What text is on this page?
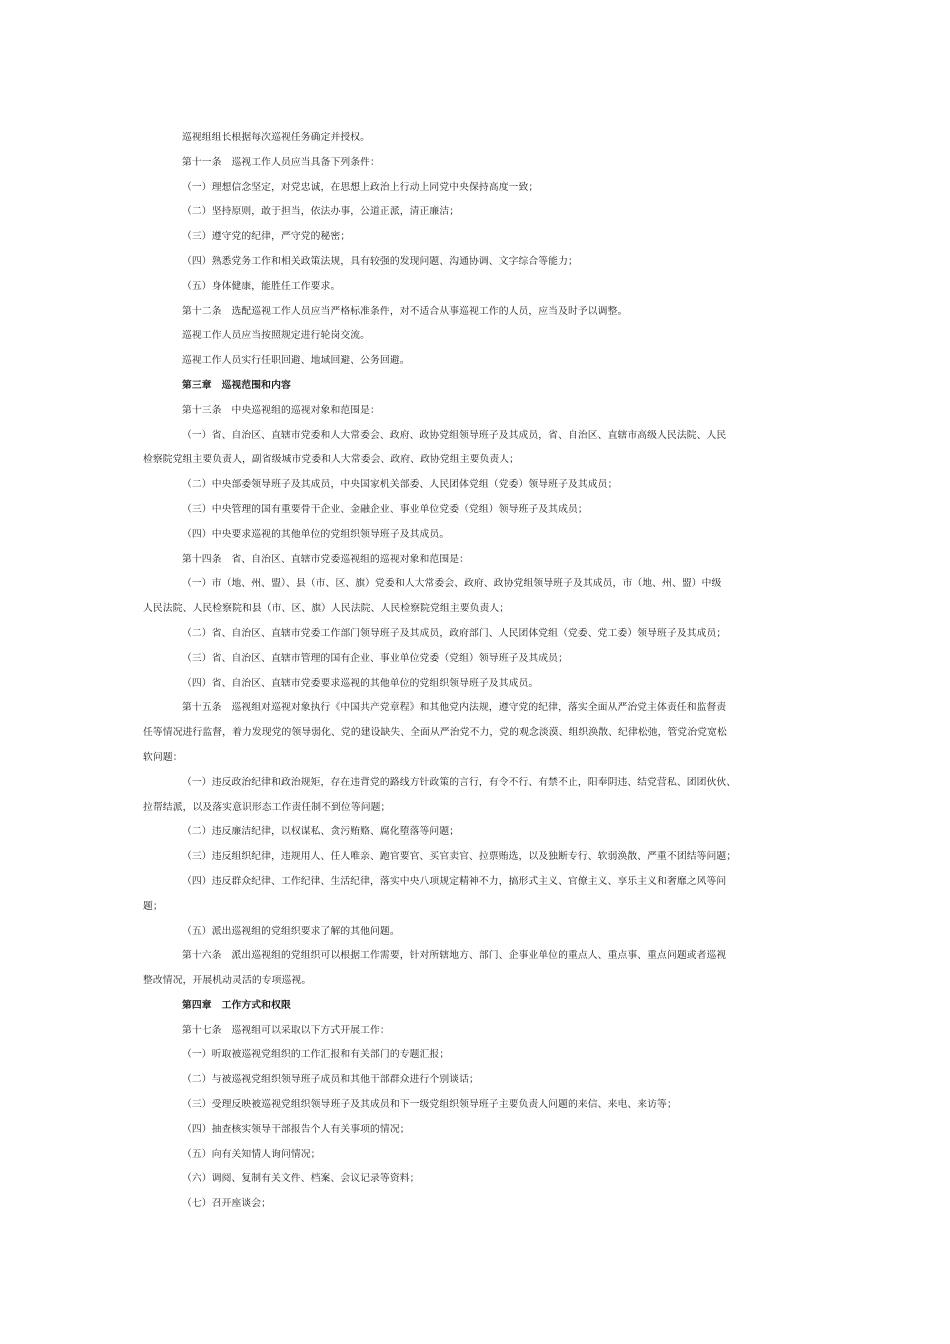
巡视组组长根据每次巡视任务确定并授权。

第十一条　巡视工作人员应当具备下列条件：

（一）理想信念坚定，对党忠诚，在思想上政治上行动上同党中央保持高度一致；

（二）坚持原则，敢于担当，依法办事，公道正派，清正廉洁；

（三）遵守党的纪律，严守党的秘密；

（四）熟悉党务工作和相关政策法规，具有较强的发现问题、沟通协调、文字综合等能力；

（五）身体健康，能胜任工作要求。

第十二条　选配巡视工作人员应当严格标准条件，对不适合从事巡视工作的人员，应当及时予以调整。

巡视工作人员应当按照规定进行轮岗交流。

巡视工作人员实行任职回避、地域回避、公务回避。

第三章　巡视范围和内容

第十三条　中央巡视组的巡视对象和范围是：

（一）省、自治区、直辖市党委和人大常委会、政府、政协党组领导班子及其成员，省、自治区、直辖市高级人民法院、人民

检察院党组主要负责人，副省级城市党委和人大常委会、政府、政协党组主要负责人；

（二）中央部委领导班子及其成员，中央国家机关部委、人民团体党组（党委）领导班子及其成员；

（三）中央管理的国有重要骨干企业、金融企业、事业单位党委（党组）领导班子及其成员；

（四）中央要求巡视的其他单位的党组织领导班子及其成员。

第十四条　省、自治区、直辖市党委巡视组的巡视对象和范围是：

（一）市（地、州、盟）、县（市、区、旗）党委和人大常委会、政府、政协党组领导班子及其成员，市（地、州、盟）中级

人民法院、人民检察院和县（市、区、旗）人民法院、人民检察院党组主要负责人；

（二）省、自治区、直辖市党委工作部门领导班子及其成员，政府部门、人民团体党组（党委、党工委）领导班子及其成员；

（三）省、自治区、直辖市管理的国有企业、事业单位党委（党组）领导班子及其成员；

（四）省、自治区、直辖市党委要求巡视的其他单位的党组织领导班子及其成员。

第十五条　巡视组对巡视对象执行《中国共产党章程》和其他党内法规，遵守党的纪律，落实全面从严治党主体责任和监督责

任等情况进行监督，着力发现党的领导弱化、党的建设缺失、全面从严治党不力，党的观念淡漠、组织涣散、纪律松弛，管党治党宽松

软问题：

（一）违反政治纪律和政治规矩，存在违背党的路线方针政策的言行，有令不行、有禁不止，阳奉阴违、结党营私、团团伙伙、

拉帮结派，以及落实意识形态工作责任制不到位等问题；

（二）违反廉洁纪律，以权谋私、贪污贿赂、腐化堕落等问题；

（三）违反组织纪律，违规用人、任人唯亲、跑官要官、买官卖官、拉票贿选，以及独断专行、软弱涣散、严重不团结等问题；

（四）违反群众纪律、工作纪律、生活纪律，落实中央八项规定精神不力，搞形式主义、官僚主义、享乐主义和奢靡之风等问

题；

（五）派出巡视组的党组织要求了解的其他问题。

第十六条　派出巡视组的党组织可以根据工作需要，针对所辖地方、部门、企事业单位的重点人、重点事、重点问题或者巡视

整改情况，开展机动灵活的专项巡视。

第四章　工作方式和权限

第十七条　巡视组可以采取以下方式开展工作：

（一）听取被巡视党组织的工作汇报和有关部门的专题汇报；

（二）与被巡视党组织领导班子成员和其他干部群众进行个别谈话；

（三）受理反映被巡视党组织领导班子及其成员和下一级党组织领导班子主要负责人问题的来信、来电、来访等；

（四）抽查核实领导干部报告个人有关事项的情况；

（五）向有关知情人询问情况；

（六）调阅、复制有关文件、档案、会议记录等资料；

（七）召开座谈会；
